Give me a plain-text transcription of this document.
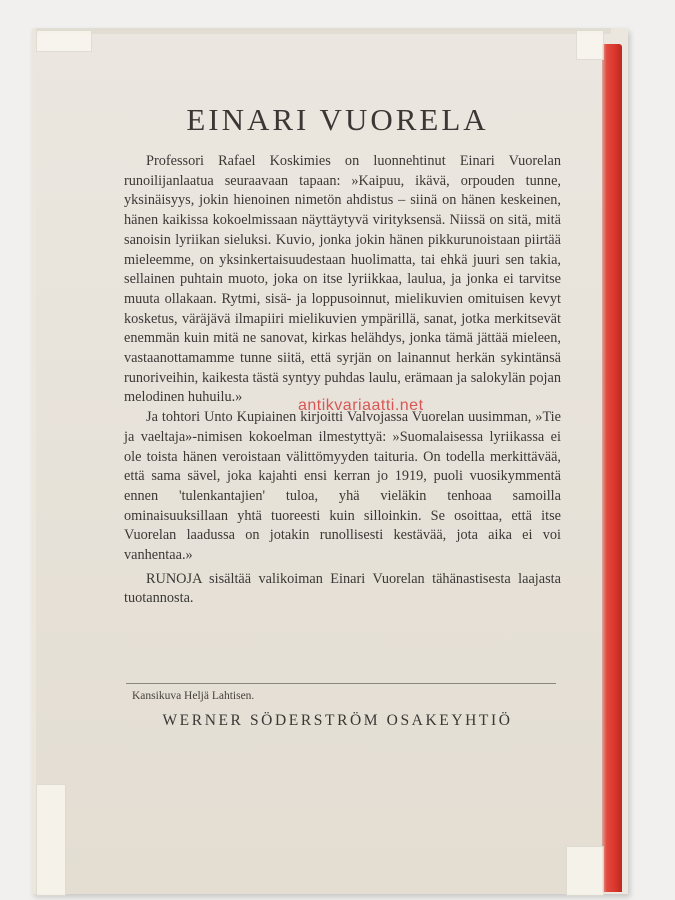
EINARI VUORELA

Professori Rafael Koskimies on luonnehtinut Einari Vuorelan runoilijanlaatua seuraavaan tapaan: »Kaipuu, ikävä, orpouden tunne, yksinäisyys, jokin hienoinen nimetön ahdistus – siinä on hänen keskeinen, hänen kaikissa kokoelmissaan näyttäytyvä virityksensä. Niissä on sitä, mitä sanoisin lyriikan sieluksi. Kuvio, jonka jokin hänen pikkurunoistaan piirtää mieleemme, on yksinkertaisuudestaan huolimatta, tai ehkä juuri sen takia, sellainen puhtain muoto, joka on itse lyriikkaa, laulua, ja jonka ei tarvitse muuta ollakaan. Rytmi, sisä- ja loppusoinnut, mielikuvien omituisen kevyt kosketus, väräjävä ilmapiiri mielikuvien ympärillä, sanat, jotka merkitsevät enemmän kuin mitä ne sanovat, kirkas helähdys, jonka tämä jättää mieleen, vastaanottamamme tunne siitä, että syrjän on lainannut herkän sykintänsä runoriveihin, kaikesta tästä syntyy puhdas laulu, erämaan ja salokylän pojan melodinen huhuilu.»

Ja tohtori Unto Kupiainen kirjoitti Valvojassa Vuorelan uusimman, »Tie ja vaeltaja»-nimisen kokoelman ilmestyttyä: »Suomalaisessa lyriikassa ei ole toista hänen veroistaan välittömyyden taituria. On todella merkittävää, että sama sävel, joka kajahti ensi kerran jo 1919, puoli vuosikymmentä ennen 'tulenkantajien' tuloa, yhä vieläkin tenhoaa samoilla ominaisuuksillaan yhtä tuoreesti kuin silloinkin. Se osoittaa, että itse Vuorelan laadussa on jotakin runollisesti kestävää, jota aika ei voi vanhentaa.»

RUNOJA sisältää valikoiman Einari Vuorelan tähänastisesta laajasta tuotannosta.

antikvariaatti.net
Kansikuva Heljä Lahtisen.
WERNER SÖDERSTRÖM OSAKEYHTIÖ
